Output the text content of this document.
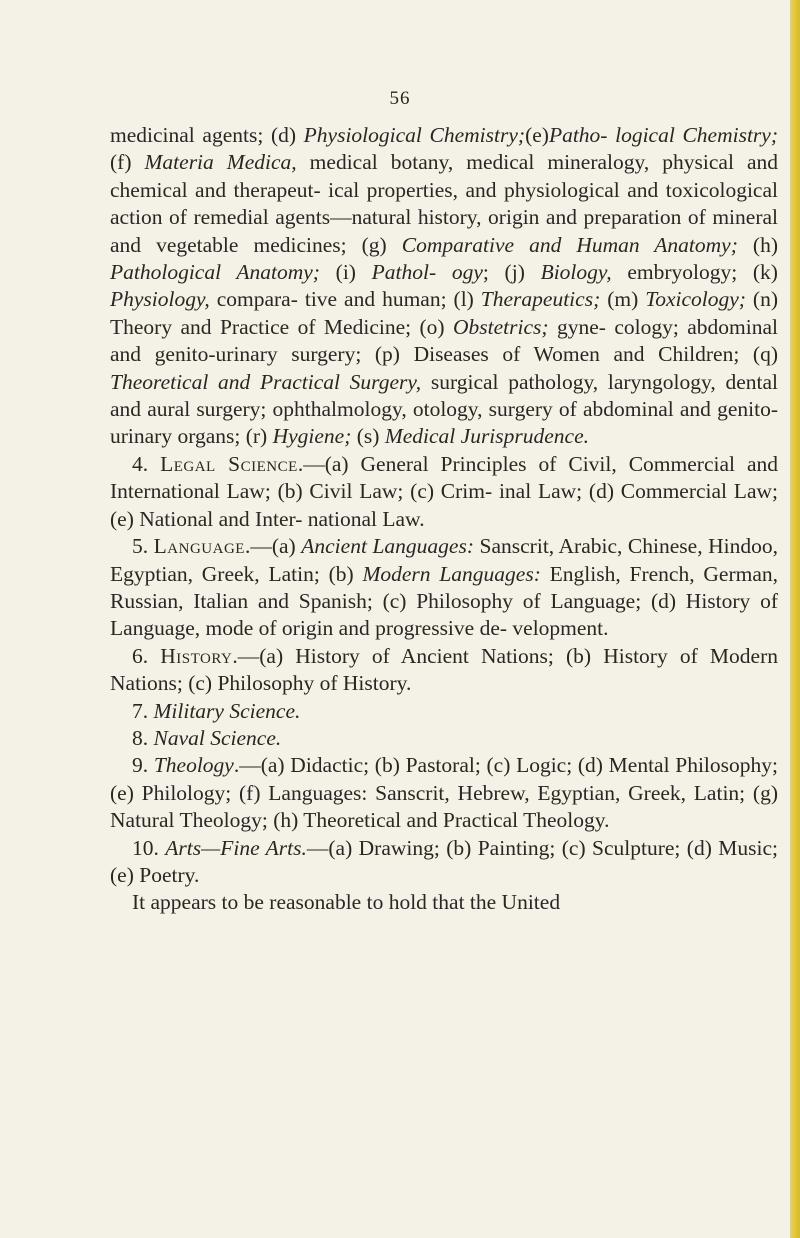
56

medicinal agents; (d) Physiological Chemistry;(e)Patho- logical Chemistry; (f) Materia Medica, medical botany, medical mineralogy, physical and chemical and therapeut- ical properties, and physiological and toxicological action of remedial agents—natural history, origin and preparation of mineral and vegetable medicines; (g) Comparative and Human Anatomy; (h) Pathological Anatomy; (i) Pathol- ogy; (j) Biology, embryology; (k) Physiology, compara- tive and human; (l) Therapeutics; (m) Toxicology; (n) Theory and Practice of Medicine; (o) Obstetrics; gyne- cology; abdominal and genito-urinary surgery; (p) Diseases of Women and Children; (q) Theoretical and Practical Surgery, surgical pathology, laryngology, dental and aural surgery; ophthalmology, otology, surgery of abdominal and genito-urinary organs; (r) Hygiene; (s) Medical Jurisprudence.

4. Legal Science.—(a) General Principles of Civil, Commercial and International Law; (b) Civil Law; (c) Crim- inal Law; (d) Commercial Law; (e) National and Inter- national Law.

5. Language.—(a) Ancient Languages: Sanscrit, Arabic, Chinese, Hindoo, Egyptian, Greek, Latin; (b) Modern Languages: English, French, German, Russian, Italian and Spanish; (c) Philosophy of Language; (d) History of Language, mode of origin and progressive de- velopment.

6. History.—(a) History of Ancient Nations; (b) History of Modern Nations; (c) Philosophy of History.

7. Military Science.

8. Naval Science.

9. Theology.—(a) Didactic; (b) Pastoral; (c) Logic; (d) Mental Philosophy; (e) Philology; (f) Languages: Sanscrit, Hebrew, Egyptian, Greek, Latin; (g) Natural Theology; (h) Theoretical and Practical Theology.

10. Arts—Fine Arts.—(a) Drawing; (b) Painting; (c) Sculpture; (d) Music; (e) Poetry.

It appears to be reasonable to hold that the United
